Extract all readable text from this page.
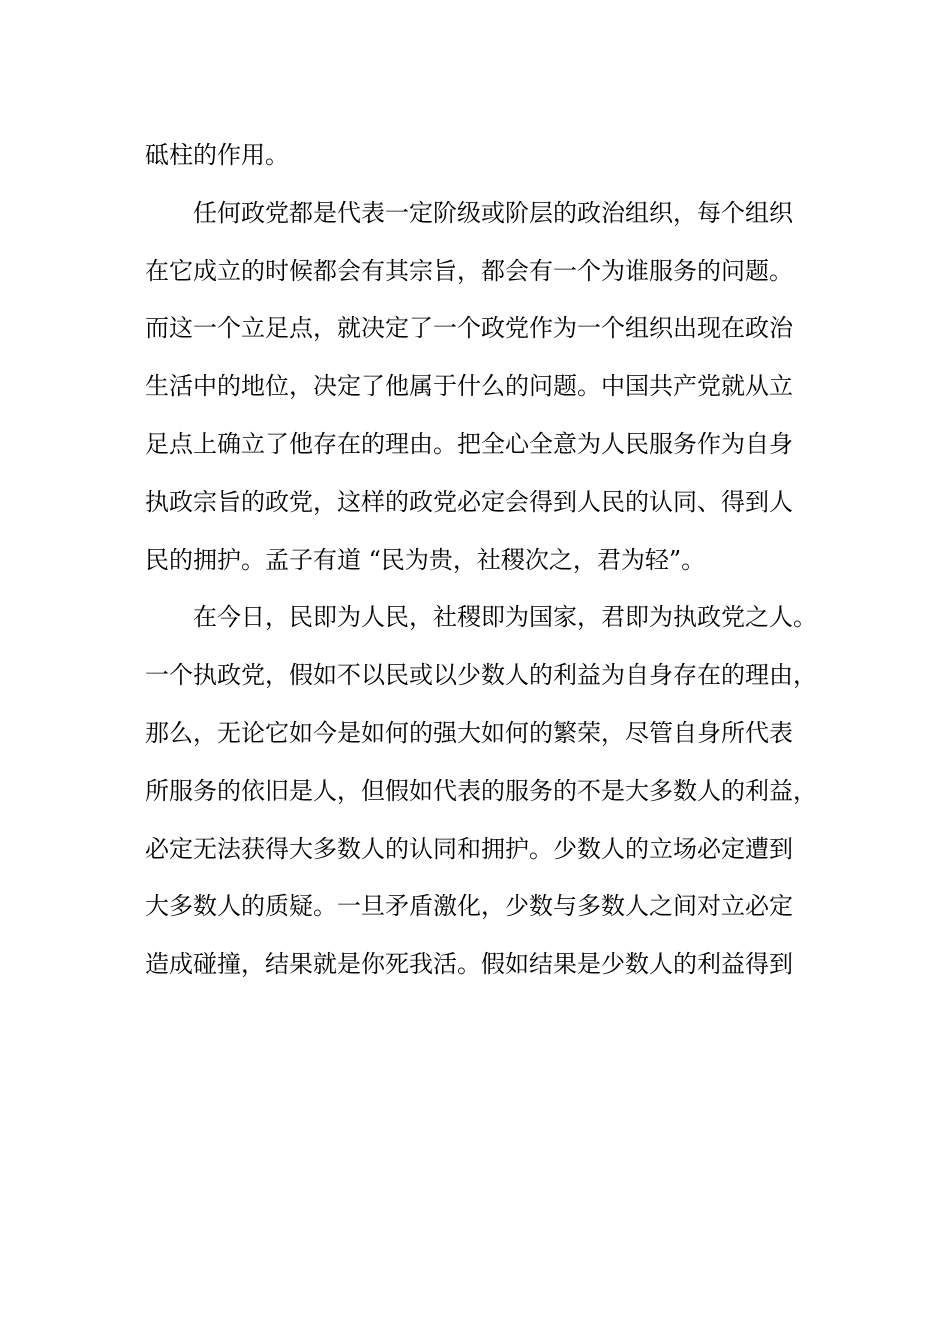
砥柱的作用。
任何政党都是代表一定阶级或阶层的政治组织，每个组织
在它成立的时候都会有其宗旨，都会有一个为谁服务的问题。
而这一个立足点，就决定了一个政党作为一个组织出现在政治
生活中的地位，决定了他属于什么的问题。中国共产党就从立
足点上确立了他存在的理由。把全心全意为人民服务作为自身
执政宗旨的政党，这样的政党必定会得到人民的认同、得到人
民的拥护。孟子有道 “民为贵，社稷次之，君为轻”。
在今日，民即为人民，社稷即为国家，君即为执政党之人。
一个执政党，假如不以民或以少数人的利益为自身存在的理由，
那么，无论它如今是如何的强大如何的繁荣，尽管自身所代表
所服务的依旧是人，但假如代表的服务的不是大多数人的利益，
必定无法获得大多数人的认同和拥护。少数人的立场必定遭到
大多数人的质疑。一旦矛盾激化，少数与多数人之间对立必定
造成碰撞，结果就是你死我活。假如结果是少数人的利益得到
